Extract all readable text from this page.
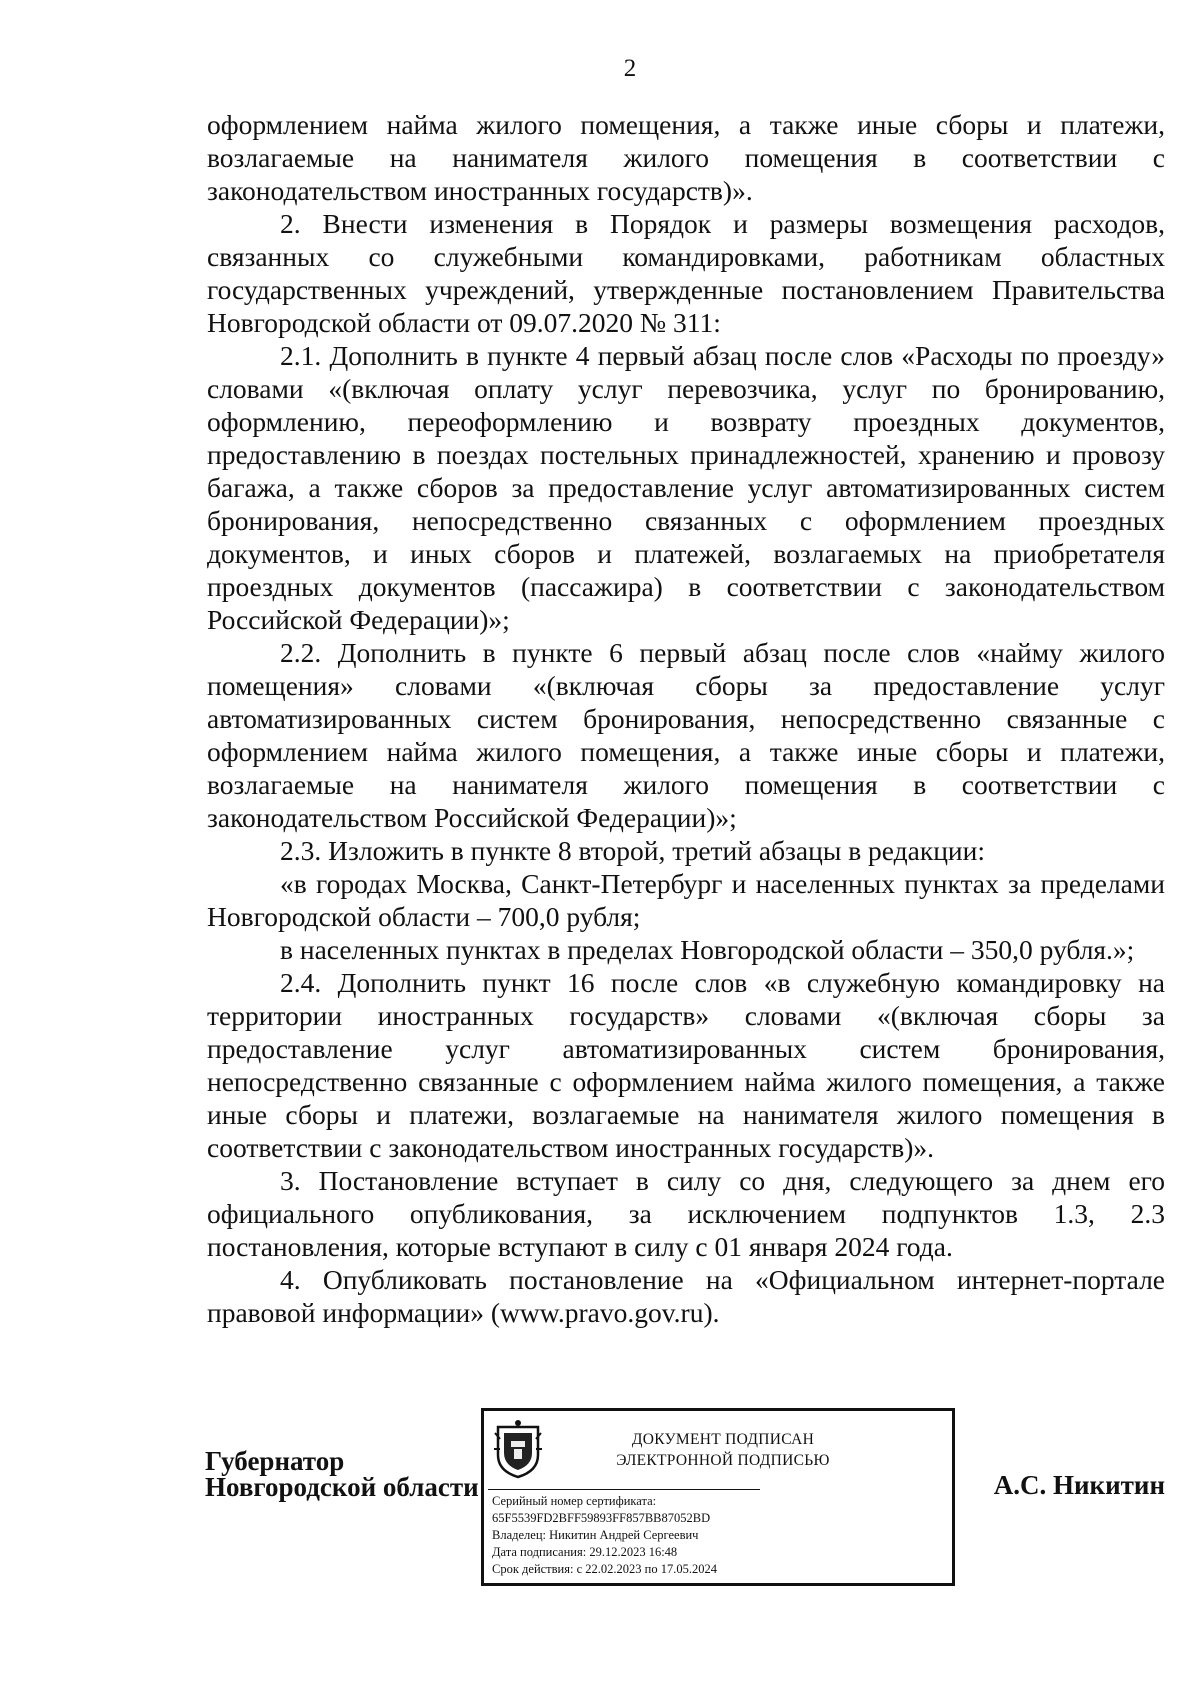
2

оформлением найма жилого помещения, а также иные сборы и платежи, возлагаемые на нанимателя жилого помещения в соответствии с законодательством иностранных государств)».

2. Внести изменения в Порядок и размеры возмещения расходов, связанных со служебными командировками, работникам областных государственных учреждений, утвержденные постановлением Правительства Новгородской области от 09.07.2020 № 311:

2.1. Дополнить в пункте 4 первый абзац после слов «Расходы по проезду» словами «(включая оплату услуг перевозчика, услуг по бронированию, оформлению, переоформлению и возврату проездных документов, предоставлению в поездах постельных принадлежностей, хранению и провозу багажа, а также сборов за предоставление услуг автоматизированных систем бронирования, непосредственно связанных с оформлением проездных документов, и иных сборов и платежей, возлагаемых на приобретателя проездных документов (пассажира) в соответствии с законодательством Российской Федерации)»;

2.2. Дополнить в пункте 6 первый абзац после слов «найму жилого помещения» словами «(включая сборы за предоставление услуг автоматизированных систем бронирования, непосредственно связанные с оформлением найма жилого помещения, а также иные сборы и платежи, возлагаемые на нанимателя жилого помещения в соответствии с законодательством Российской Федерации)»;

2.3. Изложить в пункте 8 второй, третий абзацы в редакции:

«в городах Москва, Санкт-Петербург и населенных пунктах за пределами Новгородской области – 700,0 рубля;

в населенных пунктах в пределах Новгородской области – 350,0 рубля.»;

2.4. Дополнить пункт 16 после слов «в служебную командировку на территории иностранных государств» словами «(включая сборы за предоставление услуг автоматизированных систем бронирования, непосредственно связанные с оформлением найма жилого помещения, а также иные сборы и платежи, возлагаемые на нанимателя жилого помещения в соответствии с законодательством иностранных государств)».

3. Постановление вступает в силу со дня, следующего за днем его официального опубликования, за исключением подпунктов 1.3, 2.3 постановления, которые вступают в силу с 01 января 2024 года.

4. Опубликовать постановление на «Официальном интернет-портале правовой информации» (www.pravo.gov.ru).

Губернатор
Новгородской области
ДОКУМЕНТ ПОДПИСАН
ЭЛЕКТРОННОЙ ПОДПИСЬЮ
Серийный номер сертификата:
65F5539FD2BFF59893FF857BB87052BD
Владелец: Никитин Андрей Сергеевич
Дата подписания: 29.12.2023 16:48
Срок действия: с 22.02.2023 по 17.05.2024
А.С. Никитин
